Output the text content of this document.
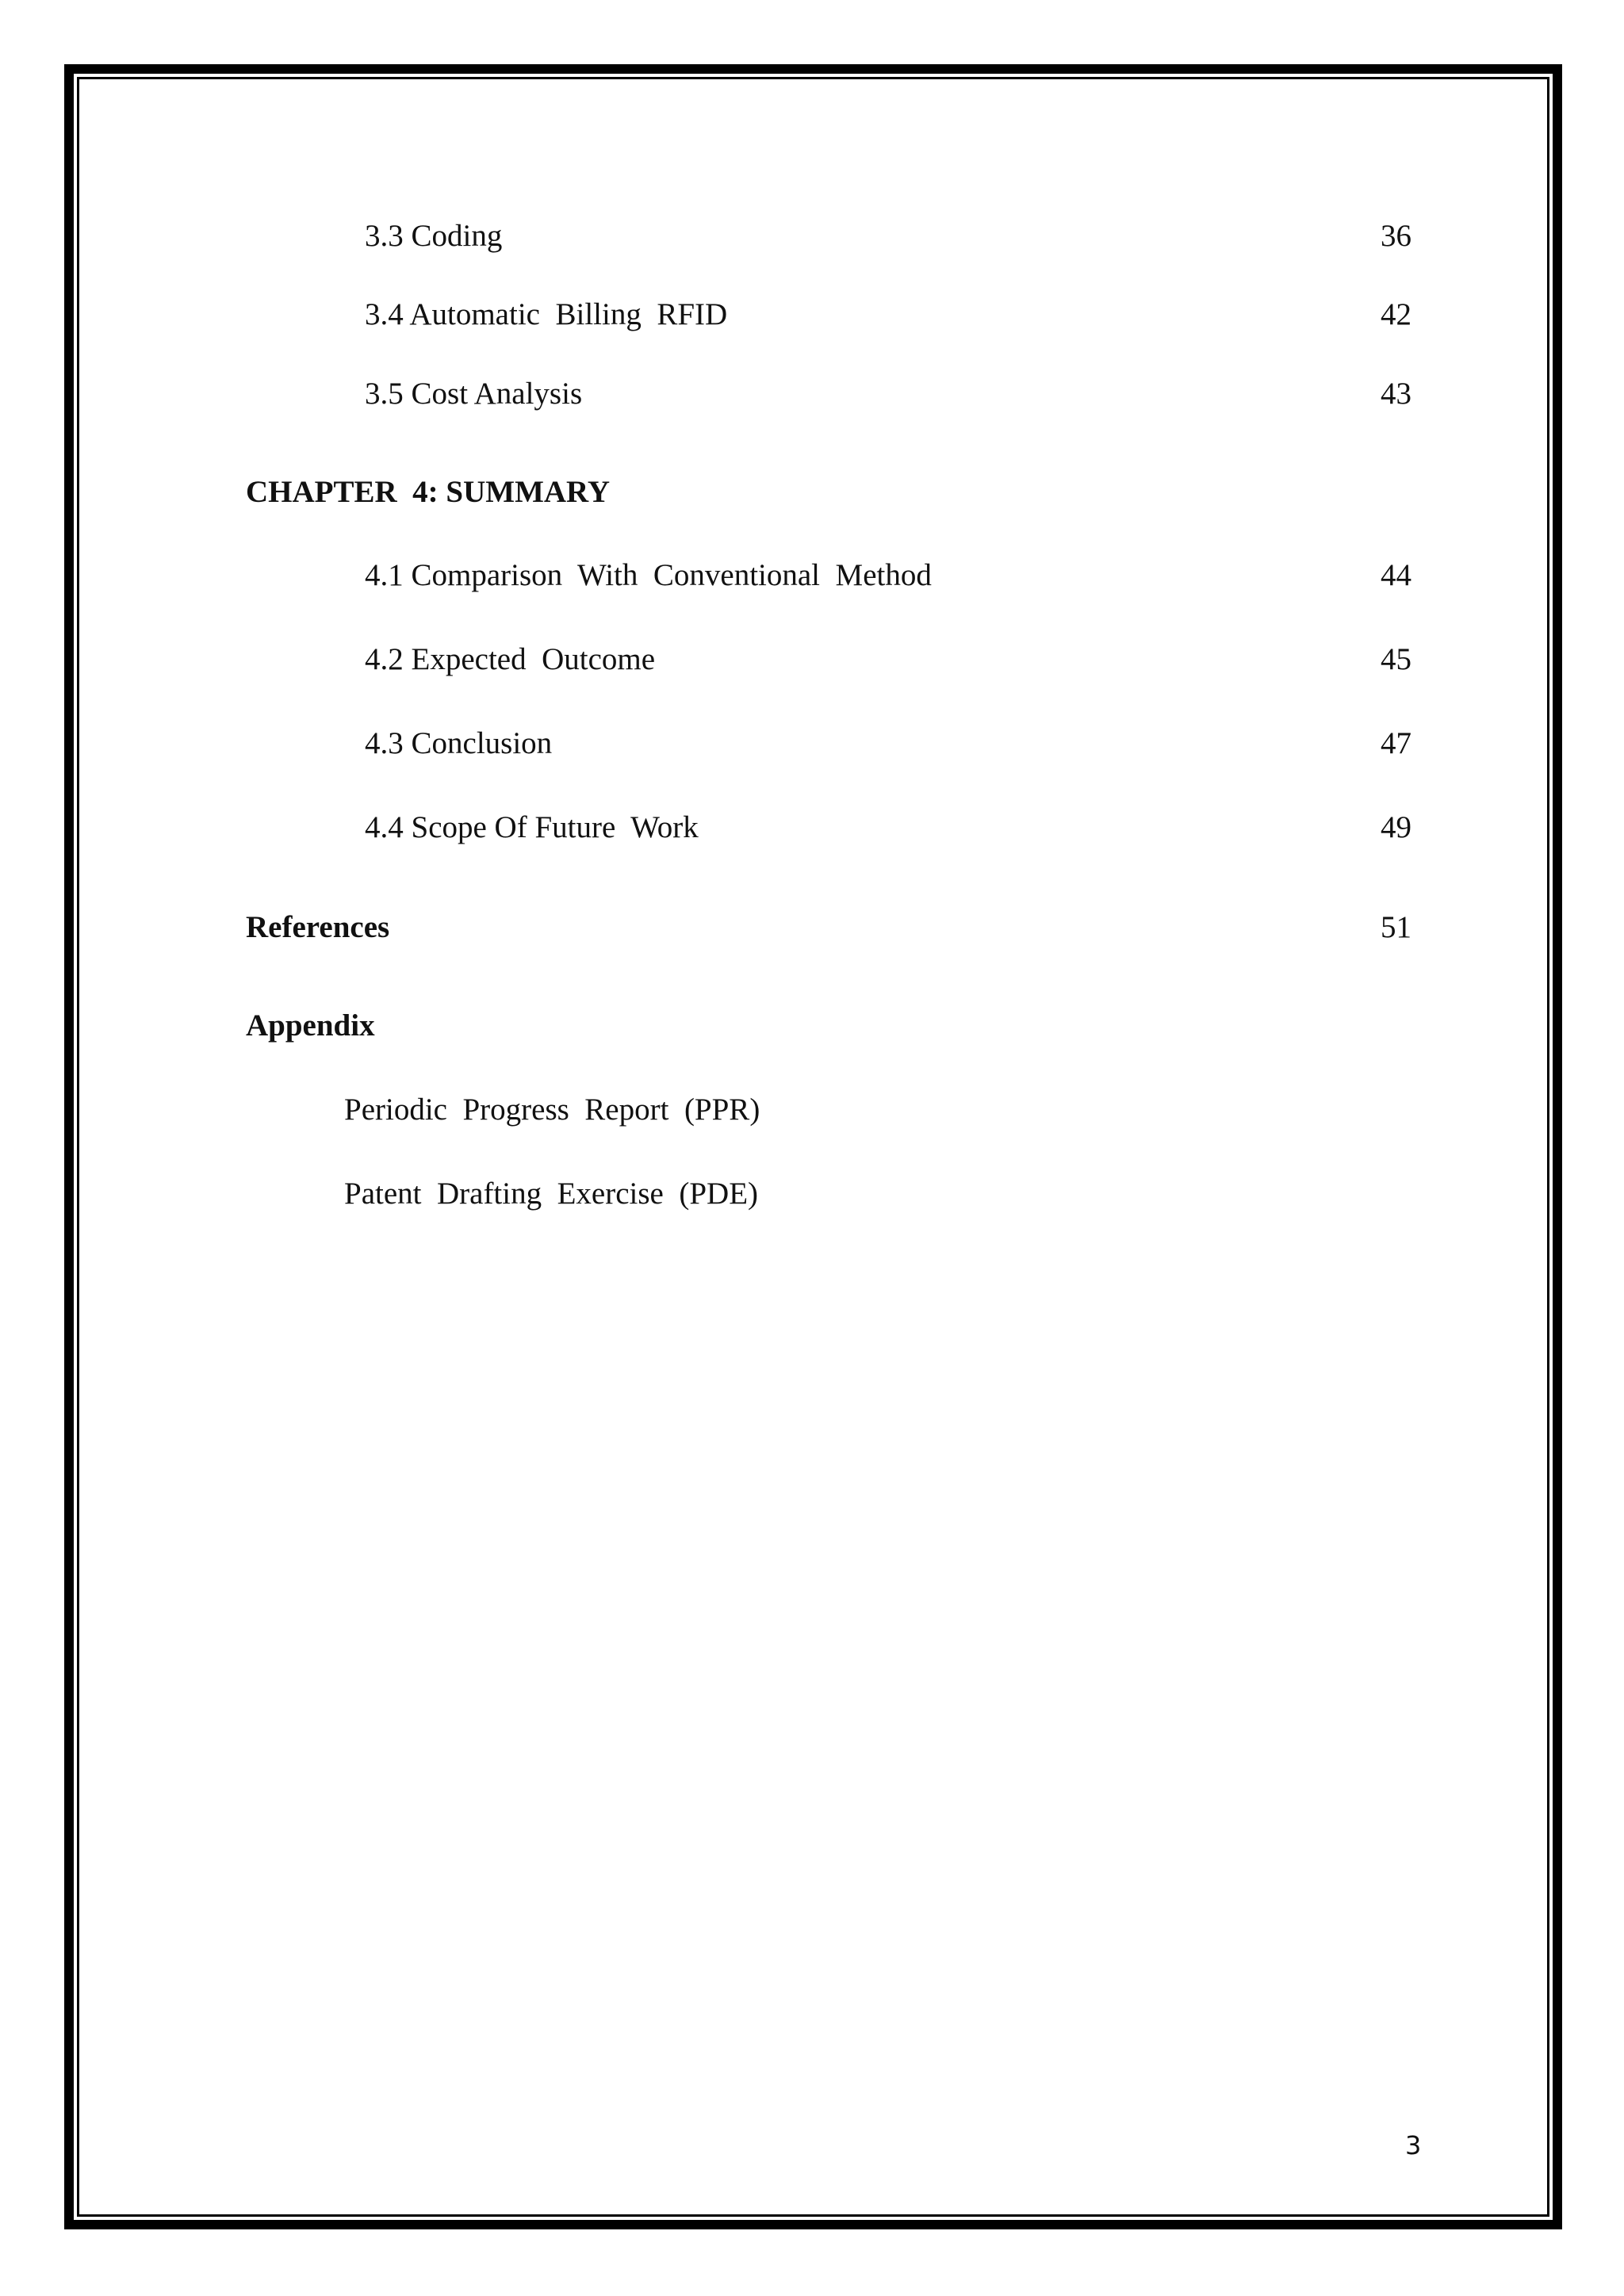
3.3 Coding	36
3.4 Automatic  Billing  RFID	42
3.5 Cost Analysis	43
CHAPTER  4: SUMMARY
4.1 Comparison  With  Conventional  Method	44
4.2 Expected  Outcome	45
4.3 Conclusion	47
4.4 Scope Of Future  Work	49
References	51
Appendix
Periodic  Progress  Report  (PPR)
Patent  Drafting  Exercise  (PDE)
3
